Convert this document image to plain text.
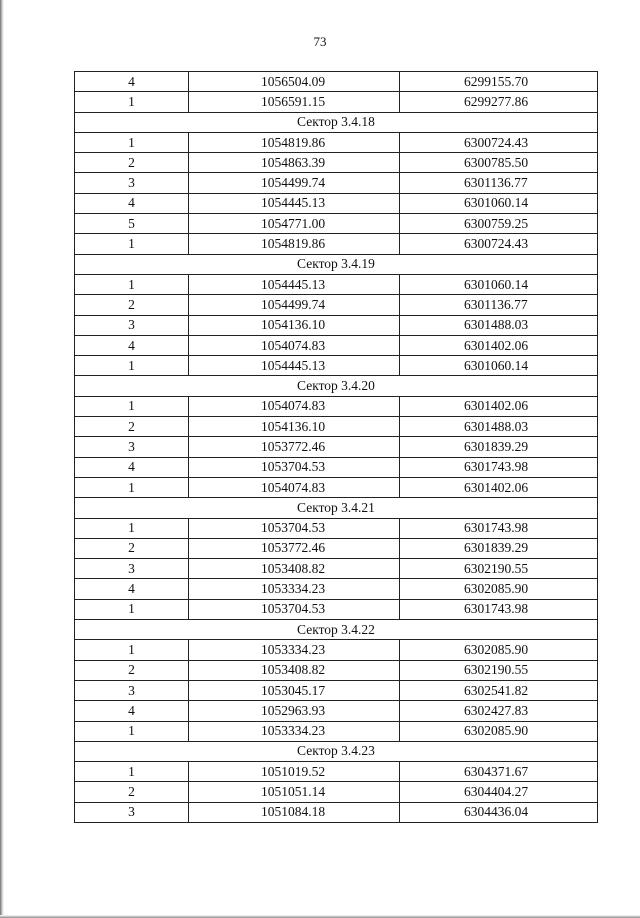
73
4	1056504.09	6299155.70
1	1056591.15	6299277.86
Сектор 3.4.18		
1	1054819.86	6300724.43
2	1054863.39	6300785.50
3	1054499.74	6301136.77
4	1054445.13	6301060.14
5	1054771.00	6300759.25
1	1054819.86	6300724.43
Сектор 3.4.19		
1	1054445.13	6301060.14
2	1054499.74	6301136.77
3	1054136.10	6301488.03
4	1054074.83	6301402.06
1	1054445.13	6301060.14
Сектор 3.4.20		
1	1054074.83	6301402.06
2	1054136.10	6301488.03
3	1053772.46	6301839.29
4	1053704.53	6301743.98
1	1054074.83	6301402.06
Сектор 3.4.21		
1	1053704.53	6301743.98
2	1053772.46	6301839.29
3	1053408.82	6302190.55
4	1053334.23	6302085.90
1	1053704.53	6301743.98
Сектор 3.4.22		
1	1053334.23	6302085.90
2	1053408.82	6302190.55
3	1053045.17	6302541.82
4	1052963.93	6302427.83
1	1053334.23	6302085.90
Сектор 3.4.23		
1	1051019.52	6304371.67
2	1051051.14	6304404.27
3	1051084.18	6304436.04
